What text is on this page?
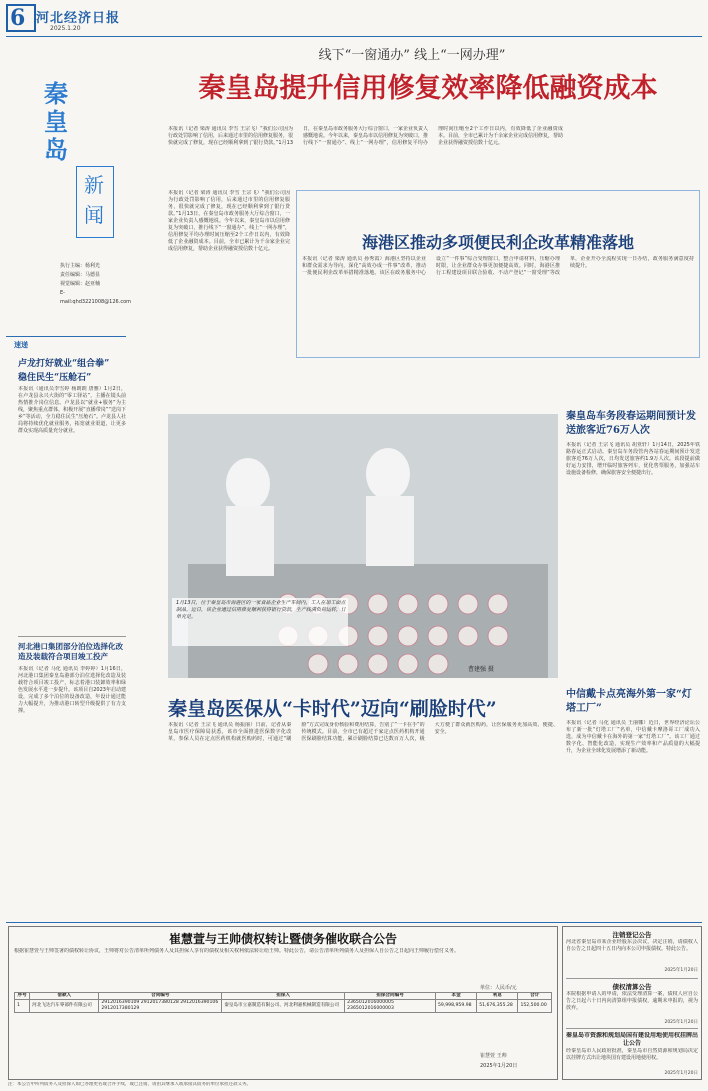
6 河北经济日报
2025.1.20
秦皇岛
新闻
执行主编：杨利光
责任编辑：马德显
视觉编辑：赵亚楠
E-mail:qhd3221008@126.com
速递
卢龙打好就业“组合拳”
稳住民生“压舱石”
本报讯（通讯员李雪婷 杨朗朗 唐雅）1月2日，在卢龙县永兴大街的“零工驿站”，主播在镜头前热情推介岗位信息。卢龙县以“就业+服务”为主线，聚焦重点群体，积极开展“直播带岗”“送岗下乡”等活动，全力稳住民生“压舱石”。卢龙县人社局将持续优化就业服务，拓宽就业渠道，让更多群众实现高质量充分就业。
河北港口集团部分泊位选择化改造及装载符合项目竣工投产
本报讯（记者 马化 通讯员 李婷婷）1月16日，河北港口集团秦皇岛港部分泊位选择化改造及装载符合项目竣工投产，标志着港口装卸效率和绿色发展水平进一步提升。该项目自2023年启动建设，完成了多个泊位的设备改造，年设计通过能力大幅提升，为推动港口转型升级提供了有力支撑。
线下“一窗通办” 线上“一网办理”
秦皇岛提升信用修复效率降低融资成本
本报讯（记者 梁涛 通讯员 李雪 王宗飞）“我们公司因为行政处罚影响了信用，后来通过市里的信用修复服务，很快就完成了修复，现在已经顺利拿到了银行贷款。”1月13日，在秦皇岛市政务服务大厅综合窗口，一家企业负责人感慨地说。今年以来，秦皇岛市以信用修复为突破口，推行线下“一窗通办”、线上“一网办理”，信用修复平均办理时间压缩至2个工作日以内，有效降低了企业融资成本。目前，全市已累计为千余家企业完成信用修复，帮助企业获得融资授信数十亿元。
本报讯（记者 梁涛 通讯员 李雪 王宗飞）“我们公司因为行政处罚影响了信用，后来通过市里的信用修复服务，很快就完成了修复，现在已经顺利拿到了银行贷款。”1月13日，在秦皇岛市政务服务大厅综合窗口，一家企业负责人感慨地说。今年以来，秦皇岛市以信用修复为突破口，推行线下“一窗通办”、线上“一网办理”，信用修复平均办理时间压缩至2个工作日以内，有效降低了企业融资成本。目前，全市已累计为千余家企业完成信用修复，帮助企业获得融资授信数十亿元。	海港区推动多项便民利企改革精准落地
本报讯（记者 梁涛 通讯员 孙秀霞）海港区坚持以企业和群众需求为导向，深化“高效办成一件事”改革，推动一批便民利企改革举措精准落地。该区在政务服务中心设立“一件事”综合受理窗口，整合申请材料，压缩办理时限，让企业群众办事更加便捷高效。同时，海港区推行工程建设项目联合验收、不动产登记“一窗受理”等改革，企业开办全流程实现一日办结，政务服务满意度持续提升。
1月13日，位于秦皇岛市海港区的一家食品企业生产车间内，工人在加工面点制品。近日，该企业通过信用修复顺利获得银行贷款，生产线满负荷运转，订单充足。
曹建强 摄
秦皇岛车务段春运期间预计发送旅客近76万人次
本报讯（记者 王宗飞 通讯员 胡亚轩）1月14日，2025年铁路春运正式启动。秦皇岛车务段管内各站春运期间预计发送旅客近76万人次，日均发送旅客约1.9万人次。该段提前做好运力安排，增开临时旅客列车，优化售票服务，加强站车设施设备检修，确保旅客安全便捷出行。
中信戴卡点亮海外第一家“灯塔工厂”
本报讯（记者 马化 通讯员 王丽娜）近日，世界经济论坛公布了新一批“灯塔工厂”名单，中信戴卡摩洛哥工厂成功入选，成为中信戴卡在海外的第一家“灯塔工厂”。该工厂通过数字化、智能化改造，实现生产效率和产品质量的大幅提升，为企业全球化发展增添了新动能。
秦皇岛医保从“卡时代”迈向“刷脸时代”
本报讯（记者 王宗飞 通讯员 杨振丽）日前，记者从秦皇岛市医疗保障局获悉，该市全面推进医保数字化改革，参保人员在定点医药机构就医购药时，可通过“刷脸”方式完成身份核验和费用结算，告别了“一卡在手”的传统模式。目前，全市已有超过千家定点医药机构开通医保刷脸结算功能，累计刷脸结算已达数百万人次，极大方便了群众就医购药，让医保服务更加高效、便捷、安全。
崔慧萱与王帅债权转让暨债务催收联合公告
根据崔慧萱与王帅签署的债权转让协议，王帅将对公告清单所列债务人及其担保人享有的债权及相关权利依法转让给王帅。特此公告，请公告清单所列债务人及担保人自公告之日起向王帅履行偿付义务。
单位：人民币/元
序号	借款人	合同编号	担保人	担保合同编号	本金	利息	合计
1	河北飞达汽车零部件有限公司	2912016390109 2912017380128 2912016390106 2912017380129	秦皇岛市立嘉制造有限公司、河北利嘉机械制造有限公司	2365012016000005 2365012016000003	59,998,959.98	51,676,355.28	152,500.00
崔慧萱 王帅
2025年1月20日
注销登记公告
河北省秦皇岛市某企业经股东会决议，决定注销，请债权人自公告之日起四十五日内向本公司申报债权。特此公告。
2025年1月20日
债权清算公告
本院根据申请人的申请，依法受理清算一案，债权人应自公告之日起六十日内向清算组申报债权，逾期未申报的，视为放弃。
2025年1月20日
秦皇岛市资源和规划局国有建设用地使用权挂牌出让公告
经秦皇岛市人民政府批准，秦皇岛市自然资源和规划局决定以挂牌方式出让地块国有建设用地使用权。
2025年1月20日
注：本公告中所列债务人及担保人如已办理更名或合并手续，或已注销，请由其继承人或承接其债务的单位承担还款义务。
